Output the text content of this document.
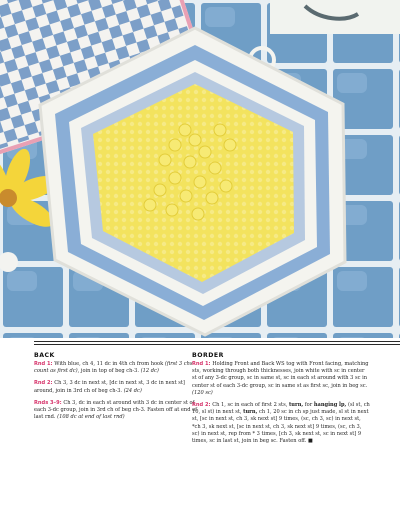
BACK

Rnd 1: With blue, ch 4, 11 dc in 4th ch from hook (first 3 chs count as first dc), join in top of beg ch-3. (12 dc)

Rnd 2: Ch 3, 3 dc in next st, [dc in next st, 3 dc in next st] around, join in 3rd ch of beg ch-3. (24 dc)

Rnds 3–9: Ch 3, dc in each st around with 3 dc in center st of each 3-dc group, join in 3rd ch of beg ch-3. Fasten off at end of last rnd. (108 dc at end of last rnd)

BORDER

Rnd 1: Holding Front and Back WS tog with Front facing, matching sts, working through both thicknesses, join white with sc in center st of any 3-dc group, sc in same st, sc in each st around with 3 sc in center st of each 3-dc group, sc in same st as first sc, join in beg sc. (120 sc)

Rnd 2: Ch 1, sc in each of first 2 sts, turn, for hanging lp, (sl st, ch 10, sl st) in next st, turn, ch 1, 20 sc in ch sp just made, sl st in next st, [sc in next st, ch 3, sk next st] 9 times, (sc, ch 3, sc) in next st, *ch 3, sk next st, [sc in next st, ch 3, sk next st] 9 times, (sc, ch 3, sc) in next st, rep from * 3 times, [ch 3, sk next st, sc in next st] 9 times, sc in last st, join in beg sc. Fasten off. ■
